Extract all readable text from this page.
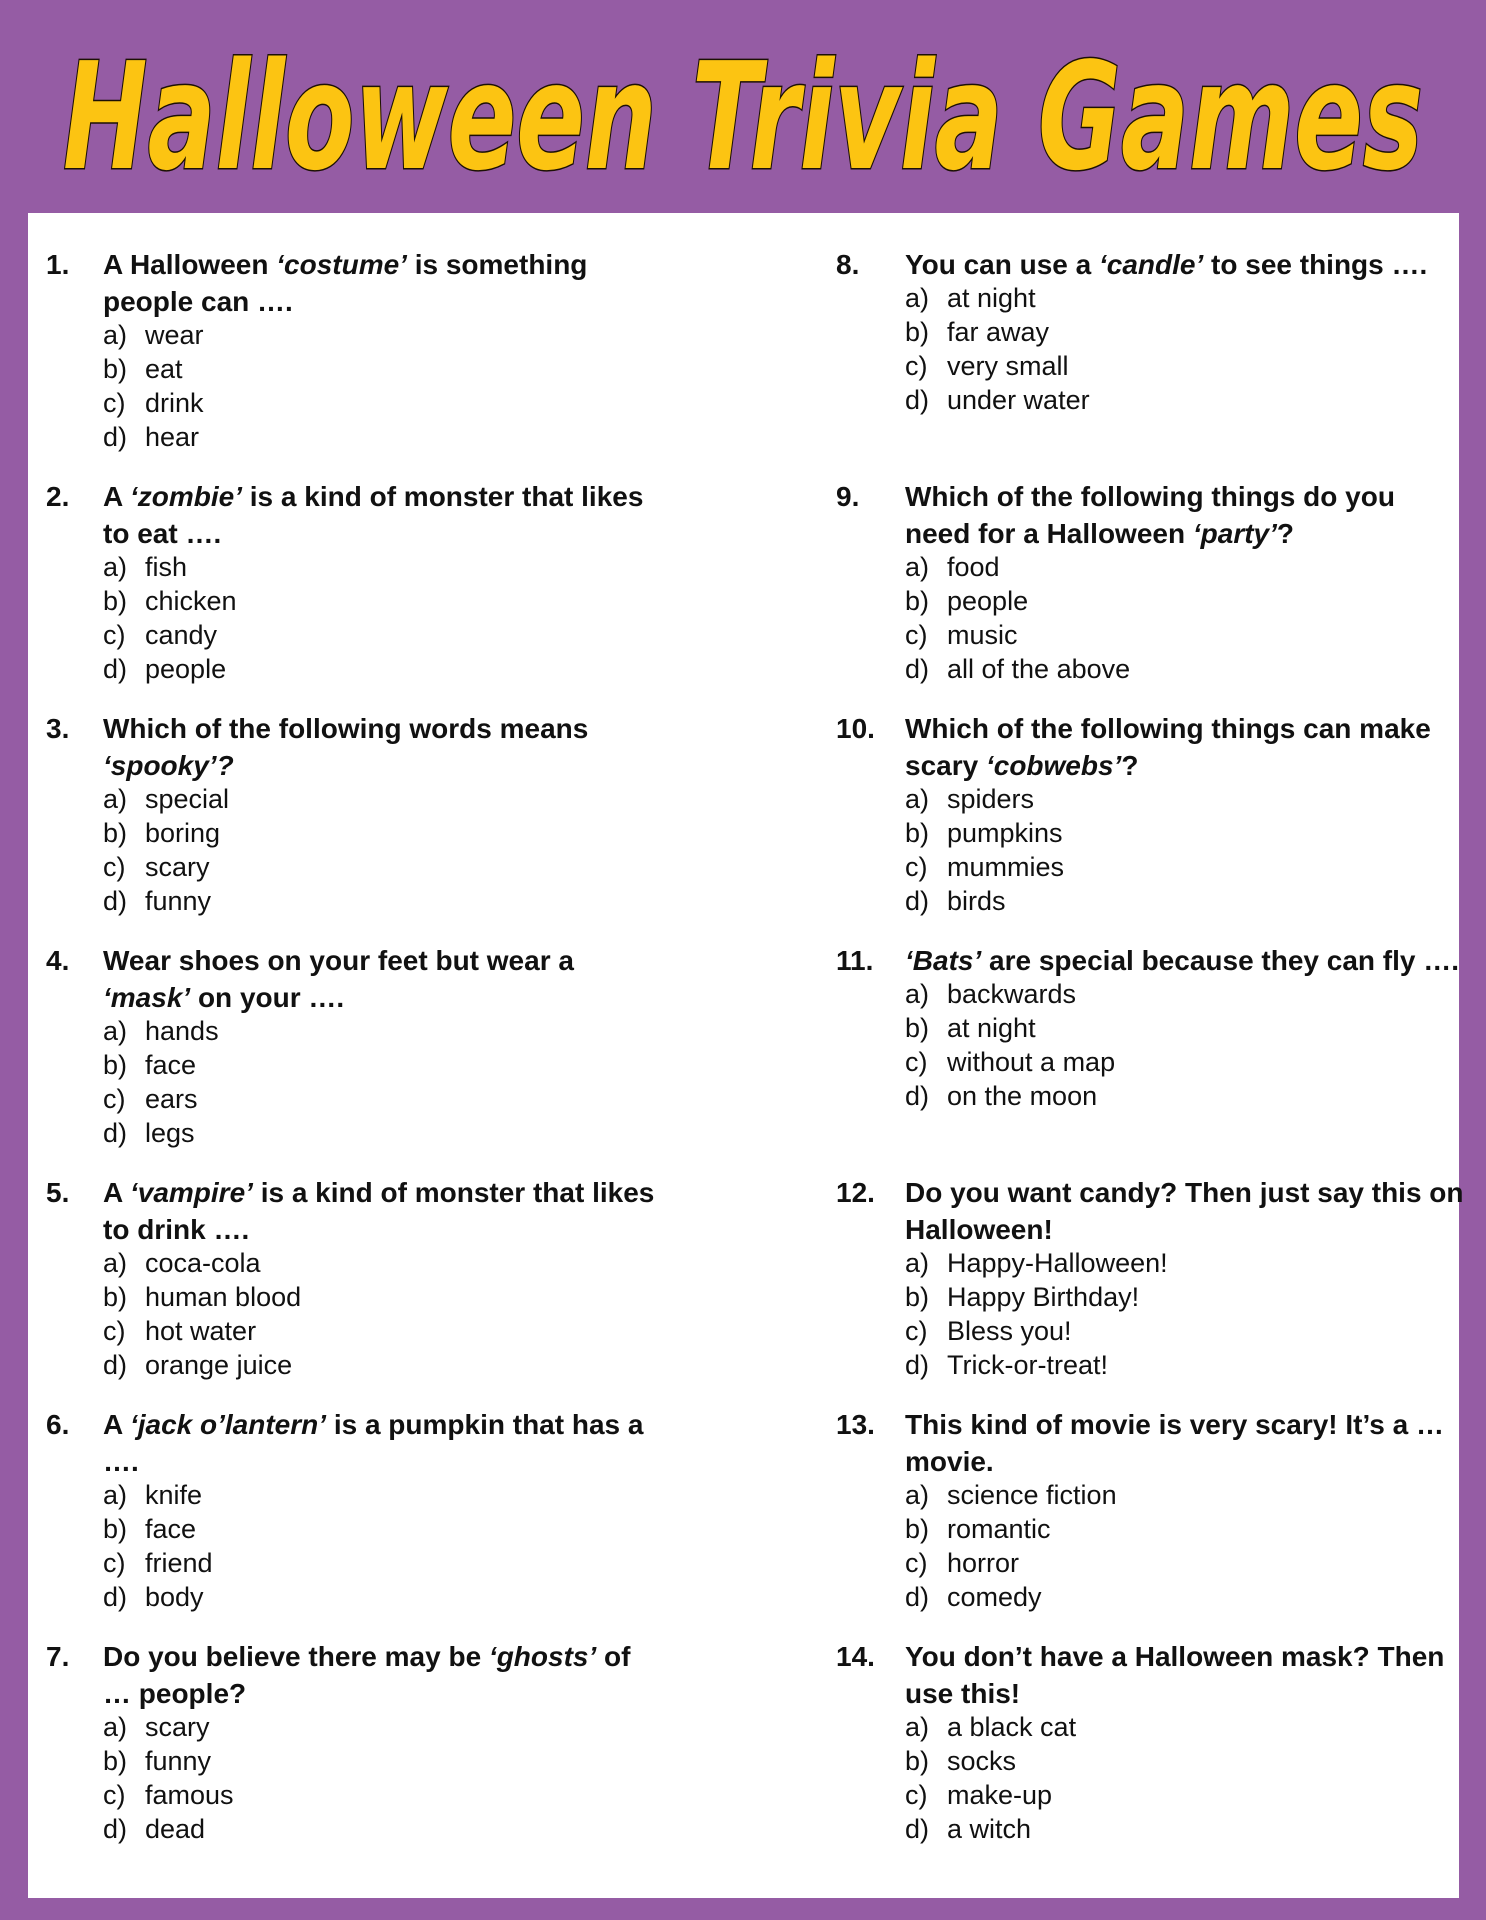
Halloween Trivia Games
1. A Halloween ‘costume’ is something people can ….
a) wear
b) eat
c) drink
d) hear
2. A ‘zombie’ is a kind of monster that likes to eat ….
a) fish
b) chicken
c) candy
d) people
3. Which of the following words means ‘spooky’?
a) special
b) boring
c) scary
d) funny
4. Wear shoes on your feet but wear a ‘mask’ on your ….
a) hands
b) face
c) ears
d) legs
5. A ‘vampire’ is a kind of monster that likes to drink ….
a) coca-cola
b) human blood
c) hot water
d) orange juice
6. A ‘jack o’lantern’ is a pumpkin that has a ….
a) knife
b) face
c) friend
d) body
7. Do you believe there may be ‘ghosts’ of … people?
a) scary
b) funny
c) famous
d) dead
8. You can use a ‘candle’ to see things ….
a) at night
b) far away
c) very small
d) under water
9. Which of the following things do you need for a Halloween ‘party’?
a) food
b) people
c) music
d) all of the above
10. Which of the following things can make scary ‘cobwebs’?
a) spiders
b) pumpkins
c) mummies
d) birds
11. ‘Bats’ are special because they can fly ….
a) backwards
b) at night
c) without a map
d) on the moon
12. Do you want candy? Then just say this on Halloween!
a) Happy-Halloween!
b) Happy Birthday!
c) Bless you!
d) Trick-or-treat!
13. This kind of movie is very scary! It’s a … movie.
a) science fiction
b) romantic
c) horror
d) comedy
14. You don’t have a Halloween mask? Then use this!
a) a black cat
b) socks
c) make-up
d) a witch
